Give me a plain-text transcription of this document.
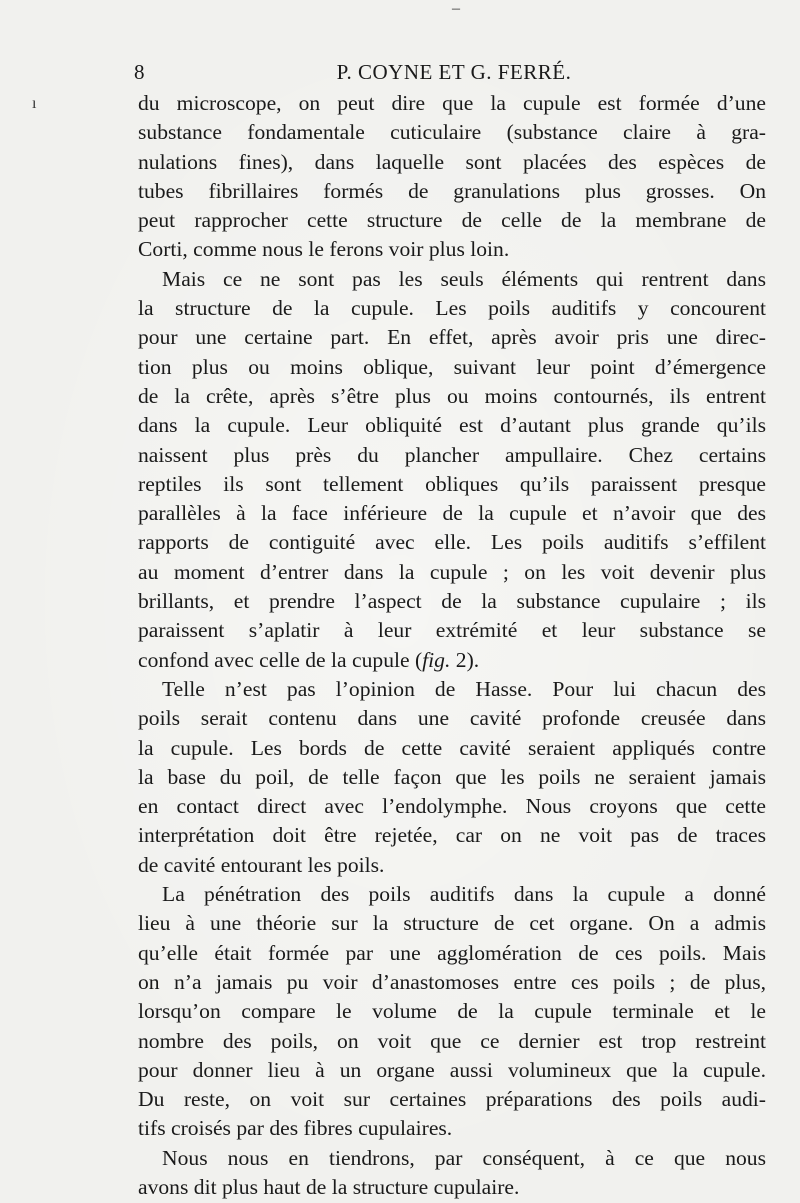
ı
–
8	P. COYNE ET G. FERRÉ.
du microscope, on peut dire que la cupule est formée d’une
substance fondamentale cuticulaire (substance claire à gra-
nulations fines), dans laquelle sont placées des espèces de
tubes fibrillaires formés de granulations plus grosses. On
peut rapprocher cette structure de celle de la membrane de
Corti, comme nous le ferons voir plus loin.
Mais ce ne sont pas les seuls éléments qui rentrent dans
la structure de la cupule. Les poils auditifs y concourent
pour une certaine part. En effet, après avoir pris une direc-
tion plus ou moins oblique, suivant leur point d’émergence
de la crête, après s’être plus ou moins contournés, ils entrent
dans la cupule. Leur obliquité est d’autant plus grande qu’ils
naissent plus près du plancher ampullaire. Chez certains
reptiles ils sont tellement obliques qu’ils paraissent presque
parallèles à la face inférieure de la cupule et n’avoir que des
rapports de contiguité avec elle. Les poils auditifs s’effilent
au moment d’entrer dans la cupule ; on les voit devenir plus
brillants, et prendre l’aspect de la substance cupulaire ; ils
paraissent s’aplatir à leur extrémité et leur substance se
confond avec celle de la cupule (fig. 2).
Telle n’est pas l’opinion de Hasse. Pour lui chacun des
poils serait contenu dans une cavité profonde creusée dans
la cupule. Les bords de cette cavité seraient appliqués contre
la base du poil, de telle façon que les poils ne seraient jamais
en contact direct avec l’endolymphe. Nous croyons que cette
interprétation doit être rejetée, car on ne voit pas de traces
de cavité entourant les poils.
La pénétration des poils auditifs dans la cupule a donné
lieu à une théorie sur la structure de cet organe. On a admis
qu’elle était formée par une agglomération de ces poils. Mais
on n’a jamais pu voir d’anastomoses entre ces poils ; de plus,
lorsqu’on compare le volume de la cupule terminale et le
nombre des poils, on voit que ce dernier est trop restreint
pour donner lieu à un organe aussi volumineux que la cupule.
Du reste, on voit sur certaines préparations des poils audi-
tifs croisés par des fibres cupulaires.
Nous nous en tiendrons, par conséquent, à ce que nous
avons dit plus haut de la structure cupulaire.
